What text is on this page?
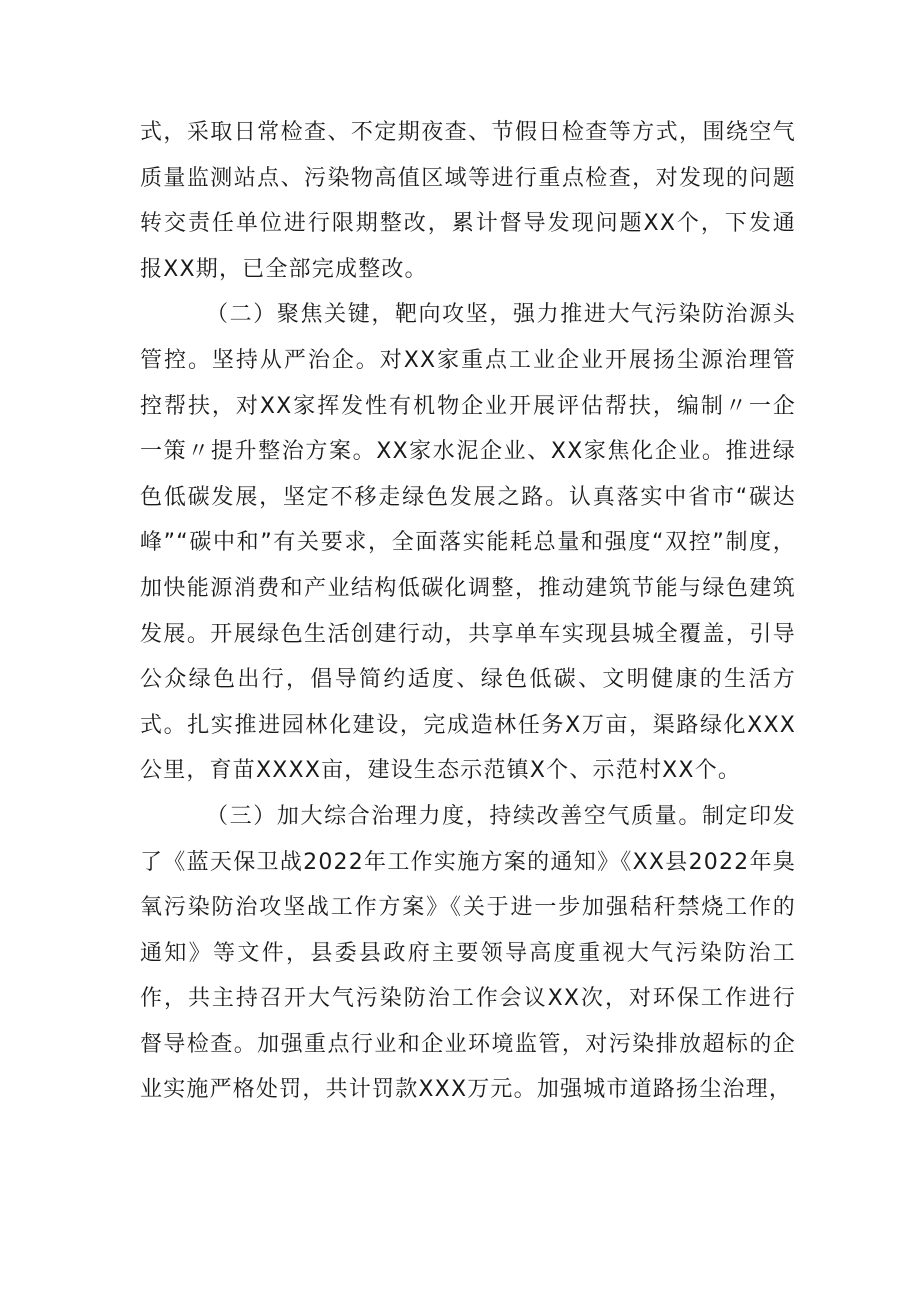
式，采取日常检查、不定期夜查、节假日检查等方式，围绕空气质量监测站点、污染物高值区域等进行重点检查，对发现的问题转交责任单位进行限期整改，累计督导发现问题XX个，下发通报XX期，已全部完成整改。

（二）聚焦关键，靶向攻坚，强力推进大气污染防治源头管控。坚持从严治企。对XX家重点工业企业开展扬尘源治理管控帮扶，对XX家挥发性有机物企业开展评估帮扶，编制〃一企一策〃提升整治方案。XX家水泥企业、XX家焦化企业。推进绿色低碳发展，坚定不移走绿色发展之路。认真落实中省市“碳达峰”“碳中和”有关要求，全面落实能耗总量和强度“双控”制度，加快能源消费和产业结构低碳化调整，推动建筑节能与绿色建筑发展。开展绿色生活创建行动，共享单车实现县城全覆盖，引导公众绿色出行，倡导简约适度、绿色低碳、文明健康的生活方式。扎实推进园林化建设，完成造林任务X万亩，渠路绿化XXX公里，育苗XXXX亩，建设生态示范镇X个、示范村XX个。

（三）加大综合治理力度，持续改善空气质量。制定印发了《蓝天保卫战2022年工作实施方案的通知》《XX县2022年臭氧污染防治攻坚战工作方案》《关于进一步加强秸秆禁烧工作的通知》等文件，县委县政府主要领导高度重视大气污染防治工作，共主持召开大气污染防治工作会议XX次，对环保工作进行督导检查。加强重点行业和企业环境监管，对污染排放超标的企业实施严格处罚，共计罚款XXX万元。加强城市道路扬尘治理，
